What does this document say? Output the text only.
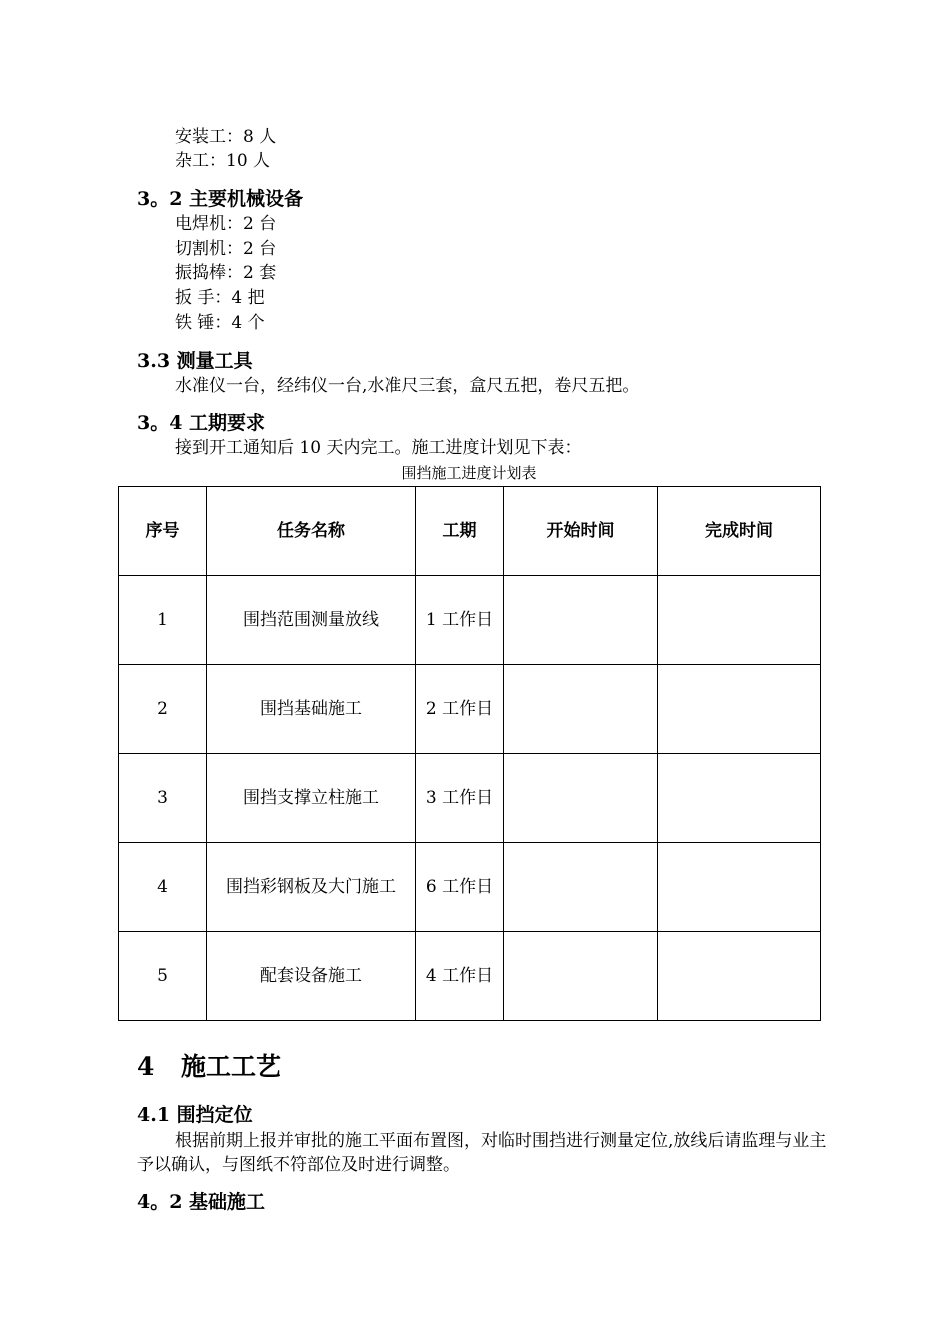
安装工：8 人
杂工：10 人
3。2 主要机械设备
电焊机：2 台
切割机：2 台
振捣棒：2 套
扳 手：4 把
铁 锤：4 个
3.3 测量工具
水准仪一台，经纬仪一台,水准尺三套，盒尺五把，卷尺五把。
3。4 工期要求
接到开工通知后 10 天内完工。施工进度计划见下表：
围挡施工进度计划表
序号	任务名称	工期	开始时间	完成时间
1	围挡范围测量放线	1 工作日		
2	围挡基础施工	2 工作日		
3	围挡支撑立柱施工	3 工作日		
4	围挡彩钢板及大门施工	6 工作日		
5	配套设备施工	4 工作日		
4 施工工艺
4.1 围挡定位
根据前期上报并审批的施工平面布置图，对临时围挡进行测量定位,放线后请监理与业主予以确认，与图纸不符部位及时进行调整。
4。2 基础施工
